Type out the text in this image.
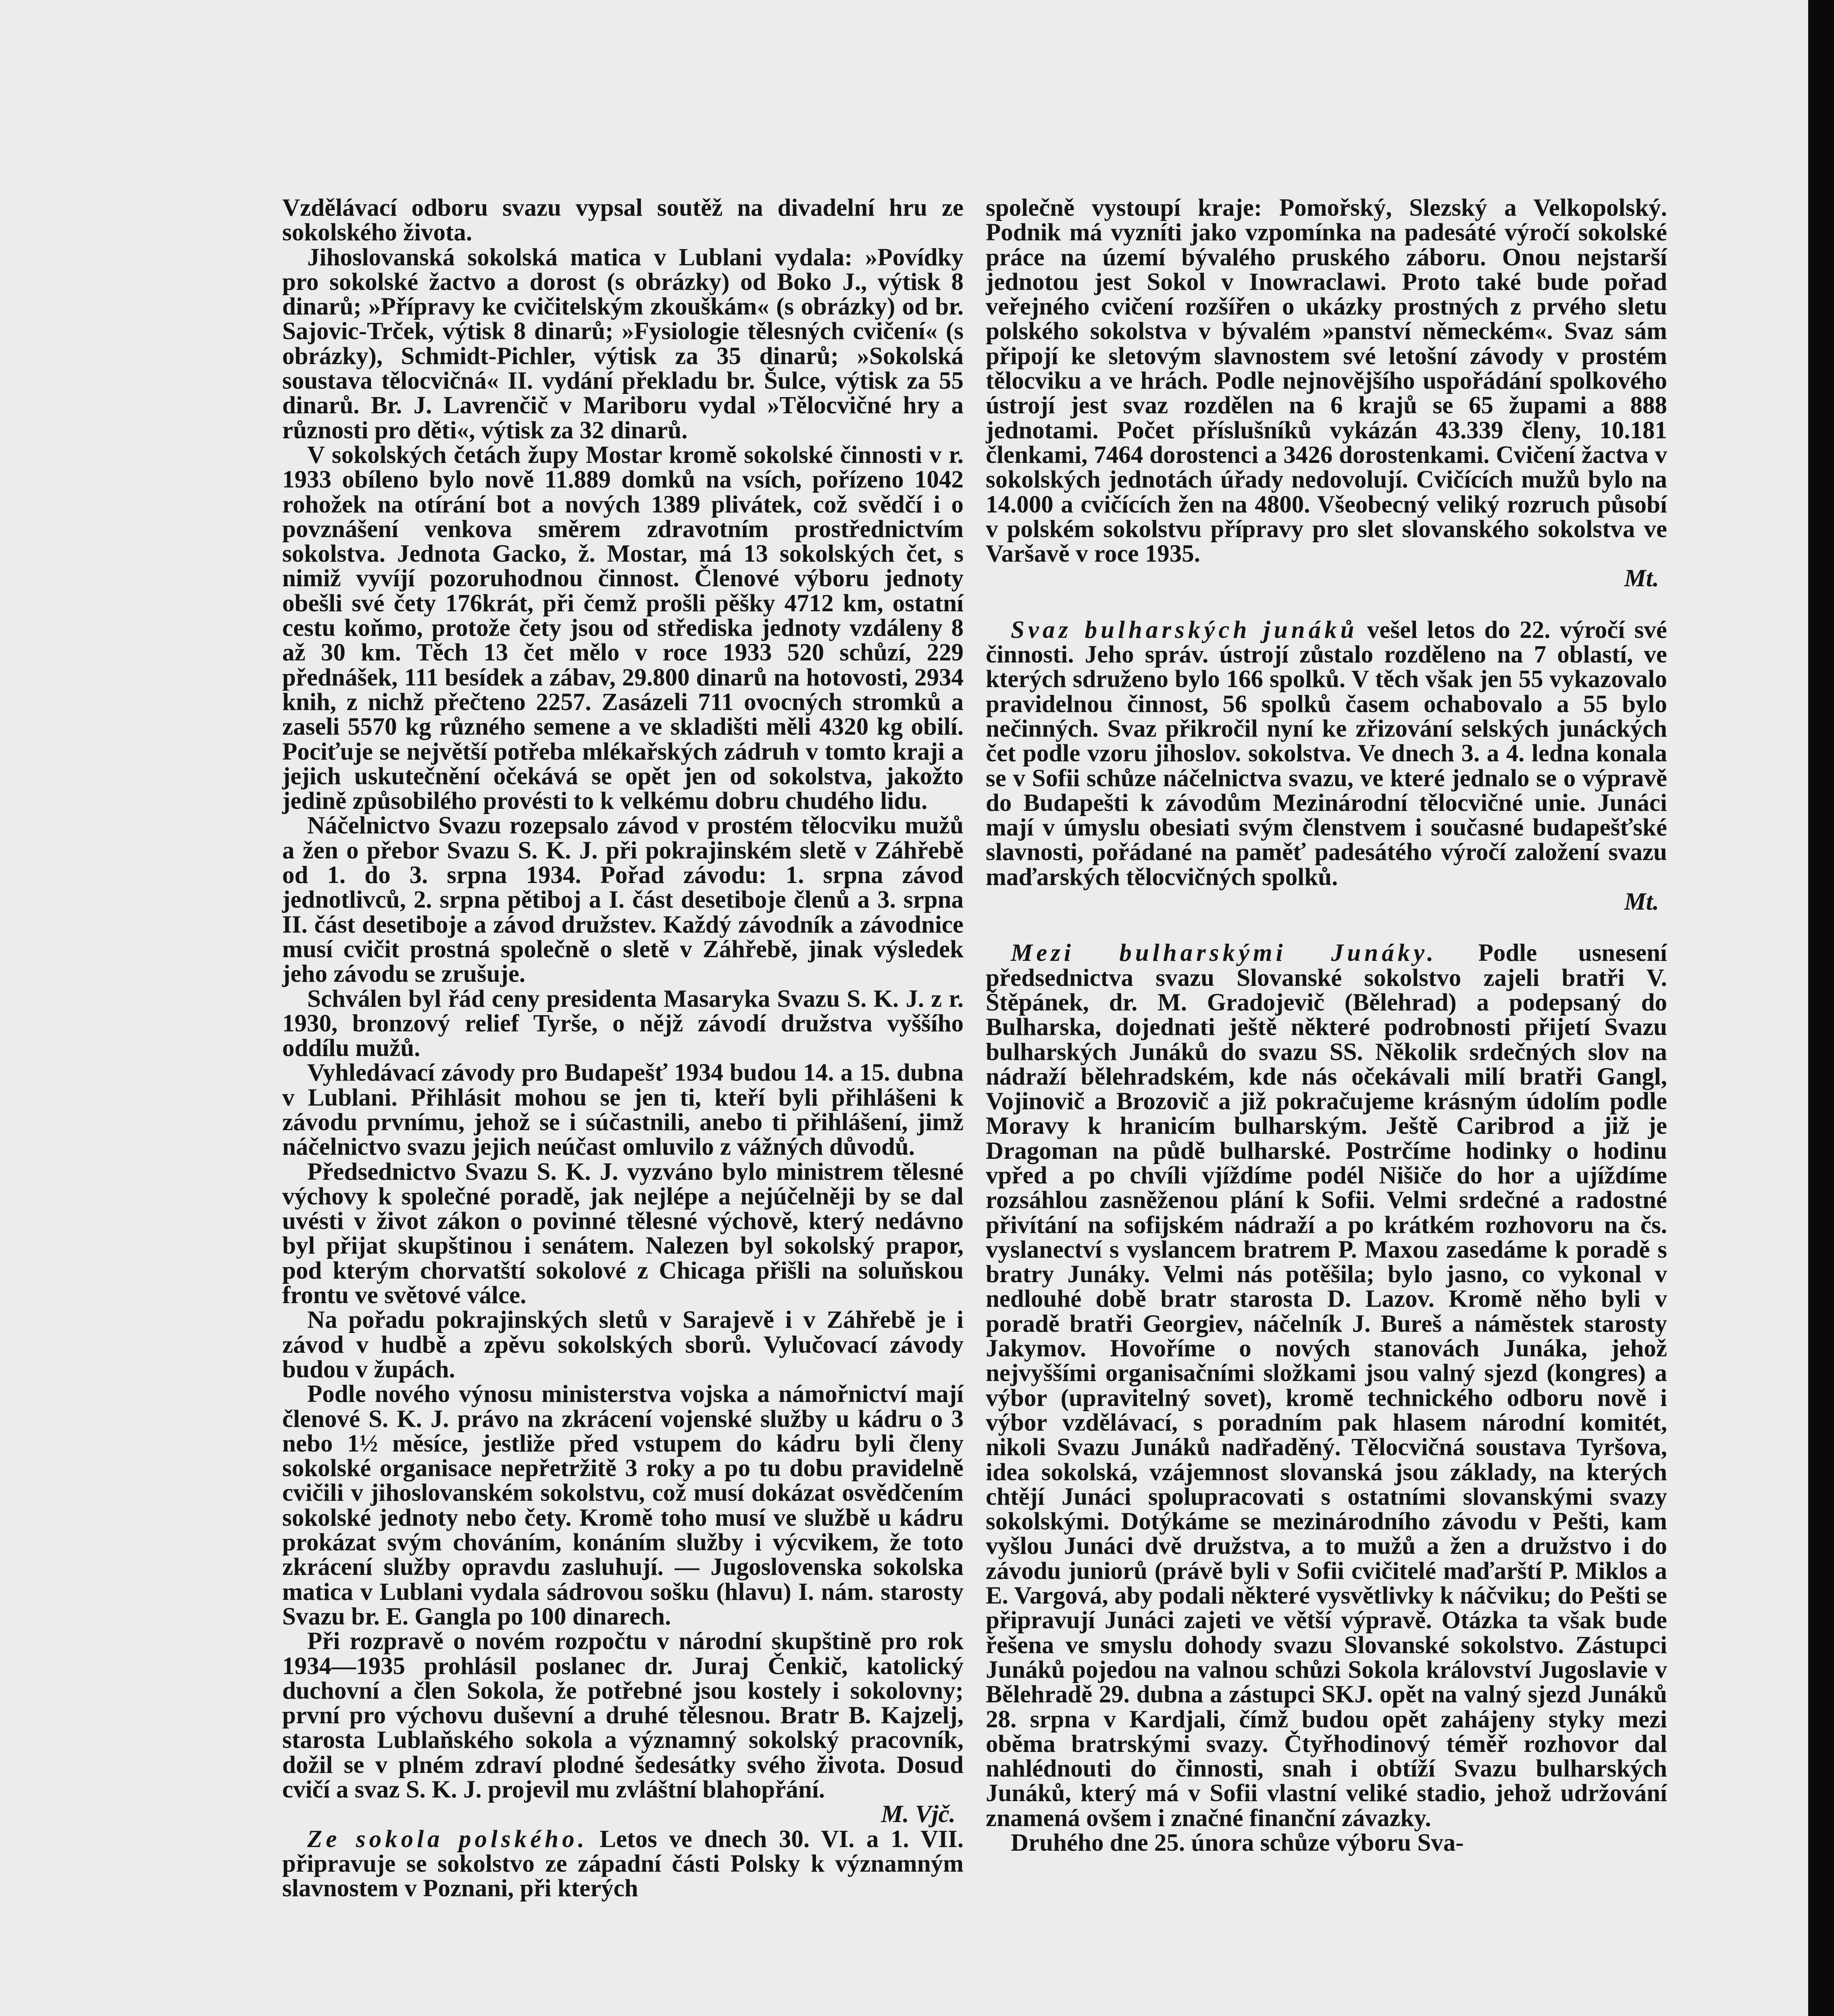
Vzdělávací odboru svazu vypsal soutěž na divadelní hru ze sokolského života.

Jihoslovanská sokolská matica v Lublani vydala: »Povídky pro sokolské žactvo a dorost (s obrázky) od Boko J., výtisk 8 dinarů; »Přípravy ke cvičitelským zkouškám« (s obrázky) od br. Sajovic-Trček, výtisk 8 dinarů; »Fysiologie tělesných cvičení« (s obrázky), Schmidt-Pichler, výtisk za 35 dinarů; »Sokolská soustava tělocvičná« II. vydání překladu br. Šulce, výtisk za 55 dinarů. Br. J. Lavrenčič v Mariboru vydal »Tělocvičné hry a různosti pro děti«, výtisk za 32 dinarů.

V sokolských četách župy Mostar kromě sokolské činnosti v r. 1933 obíleno bylo nově 11.889 domků na vsích, pořízeno 1042 rohožek na otírání bot a nových 1389 plivátek, což svědčí i o povznášení venkova směrem zdravotním prostřednictvím sokolstva. Jednota Gacko, ž. Mostar, má 13 sokolských čet, s nimiž vyvíjí pozoruhodnou činnost. Členové výboru jednoty obešli své čety 176krát, při čemž prošli pěšky 4712 km, ostatní cestu koňmo, protože čety jsou od střediska jednoty vzdáleny 8 až 30 km. Těch 13 čet mělo v roce 1933 520 schůzí, 229 přednášek, 111 besídek a zábav, 29.800 dinarů na hotovosti, 2934 knih, z nichž přečteno 2257. Zasázeli 711 ovocných stromků a zaseli 5570 kg různého semene a ve skladišti měli 4320 kg obilí. Pociťuje se největší potřeba mlékařských zádruh v tomto kraji a jejich uskutečnění očekává se opět jen od sokolstva, jakožto jedině způsobilého provésti to k velkému dobru chudého lidu.

Náčelnictvo Svazu rozepsalo závod v prostém tělocviku mužů a žen o přebor Svazu S. K. J. při pokrajinském sletě v Záhřebě od 1. do 3. srpna 1934. Pořad závodu: 1. srpna závod jednotlivců, 2. srpna pětiboj a I. část desetiboje členů a 3. srpna II. část desetiboje a závod družstev. Každý závodník a závodnice musí cvičit prostná společně o sletě v Záhřebě, jinak výsledek jeho závodu se zrušuje.

Schválen byl řád ceny presidenta Masaryka Svazu S. K. J. z r. 1930, bronzový relief Tyrše, o nějž závodí družstva vyššího oddílu mužů.

Vyhledávací závody pro Budapešť 1934 budou 14. a 15. dubna v Lublani. Přihlásit mohou se jen ti, kteří byli přihlášeni k závodu prvnímu, jehož se i súčastnili, anebo ti přihlášení, jimž náčelnictvo svazu jejich neúčast omluvilo z vážných důvodů.

Předsednictvo Svazu S. K. J. vyzváno bylo ministrem tělesné výchovy k společné poradě, jak nejlépe a nejúčelněji by se dal uvésti v život zákon o povinné tělesné výchově, který nedávno byl přijat skupštinou i senátem. Nalezen byl sokolský prapor, pod kterým chorvatští sokolové z Chicaga přišli na soluňskou frontu ve světové válce.

Na pořadu pokrajinských sletů v Sarajevě i v Záhřebě je i závod v hudbě a zpěvu sokolských sborů. Vylučovací závody budou v župách.

Podle nového výnosu ministerstva vojska a námořnictví mají členové S. K. J. právo na zkrácení vojenské služby u kádru o 3 nebo 1½ měsíce, jestliže před vstupem do kádru byli členy sokolské organisace nepřetržitě 3 roky a po tu dobu pravidelně cvičili v jihoslovanském sokolstvu, což musí dokázat osvědčením sokolské jednoty nebo čety. Kromě toho musí ve službě u kádru prokázat svým chováním, konáním služby i výcvikem, že toto zkrácení služby opravdu zasluhují. — Jugoslovenska sokolska matica v Lublani vydala sádrovou sošku (hlavu) I. nám. starosty Svazu br. E. Gangla po 100 dinarech.

Při rozpravě o novém rozpočtu v národní skupštině pro rok 1934—1935 prohlásil poslanec dr. Juraj Čenkič, katolický duchovní a člen Sokola, že potřebné jsou kostely i sokolovny; první pro výchovu duševní a druhé tělesnou. Bratr B. Kajzelj, starosta Lublaňského sokola a významný sokolský pracovník, dožil se v plném zdraví plodné šedesátky svého života. Dosud cvičí a svaz S. K. J. projevil mu zvláštní blahopřání.
M. Vjč.

Ze sokola polského. Letos ve dnech 30. VI. a 1. VII. připravuje se sokolstvo ze západní části Polsky k významným slavnostem v Poznani, při kterých

společně vystoupí kraje: Pomořský, Slezský a Velkopolský. Podnik má vyzníti jako vzpomínka na padesáté výročí sokolské práce na území bývalého pruského záboru. Onou nejstarší jednotou jest Sokol v Inowraclawi. Proto také bude pořad veřejného cvičení rozšířen o ukázky prostných z prvého sletu polského sokolstva v bývalém »panství německém«. Svaz sám připojí ke sletovým slavnostem své letošní závody v prostém tělocviku a ve hrách. Podle nejnovějšího uspořádání spolkového ústrojí jest svaz rozdělen na 6 krajů se 65 župami a 888 jednotami. Počet příslušníků vykázán 43.339 členy, 10.181 členkami, 7464 dorostenci a 3426 dorostenkami. Cvičení žactva v sokolských jednotách úřady nedovolují. Cvičících mužů bylo na 14.000 a cvičících žen na 4800. Všeobecný veliký rozruch působí v polském sokolstvu přípravy pro slet slovanského sokolstva ve Varšavě v roce 1935.
Mt.

Svaz bulharských junáků vešel letos do 22. výročí své činnosti. Jeho správ. ústrojí zůstalo rozděleno na 7 oblastí, ve kterých sdruženo bylo 166 spolků. V těch však jen 55 vykazovalo pravidelnou činnost, 56 spolků časem ochabovalo a 55 bylo nečinných. Svaz přikročil nyní ke zřizování selských junáckých čet podle vzoru jihoslov. sokolstva. Ve dnech 3. a 4. ledna konala se v Sofii schůze náčelnictva svazu, ve které jednalo se o výpravě do Budapešti k závodům Mezinárodní tělocvičné unie. Junáci mají v úmyslu obesiati svým členstvem i současné budapešťské slavnosti, pořádané na paměť padesátého výročí založení svazu maďarských tělocvičných spolků.
Mt.

Mezi bulharskými Junáky. Podle usnesení předsednictva svazu Slovanské sokolstvo zajeli bratři V. Štěpánek, dr. M. Gradojevič (Bělehrad) a podepsaný do Bulharska, dojednati ještě některé podrobnosti přijetí Svazu bulharských Junáků do svazu SS. Několik srdečných slov na nádraží bělehradském, kde nás očekávali milí bratři Gangl, Vojinovič a Brozovič a již pokračujeme krásným údolím podle Moravy k hranicím bulharským. Ještě Caribrod a již je Dragoman na půdě bulharské. Postrčíme hodinky o hodinu vpřed a po chvíli vjíždíme podél Nišiče do hor a ujíždíme rozsáhlou zasněženou plání k Sofii. Velmi srdečné a radostné přivítání na sofijském nádraží a po krátkém rozhovoru na čs. vyslanectví s vyslancem bratrem P. Maxou zasedáme k poradě s bratry Junáky. Velmi nás potěšila; bylo jasno, co vykonal v nedlouhé době bratr starosta D. Lazov. Kromě něho byli v poradě bratři Georgiev, náčelník J. Bureš a náměstek starosty Jakymov. Hovoříme o nových stanovách Junáka, jehož nejvyššími organisačními složkami jsou valný sjezd (kongres) a výbor (upravitelný sovet), kromě technického odboru nově i výbor vzdělávací, s poradním pak hlasem národní komitét, nikoli Svazu Junáků nadřaděný. Tělocvičná soustava Tyršova, idea sokolská, vzájemnost slovanská jsou základy, na kterých chtějí Junáci spolupracovati s ostatními slovanskými svazy sokolskými. Dotýkáme se mezinárodního závodu v Pešti, kam vyšlou Junáci dvě družstva, a to mužů a žen a družstvo i do závodu juniorů (právě byli v Sofii cvičitelé maďarští P. Miklos a E. Vargová, aby podali některé vysvětlivky k náčviku; do Pešti se připravují Junáci zajeti ve větší výpravě. Otázka ta však bude řešena ve smyslu dohody svazu Slovanské sokolstvo. Zástupci Junáků pojedou na valnou schůzi Sokola království Jugoslavie v Bělehradě 29. dubna a zástupci SKJ. opět na valný sjezd Junáků 28. srpna v Kardjali, čímž budou opět zahájeny styky mezi oběma bratrskými svazy. Čtyřhodinový téměř rozhovor dal nahlédnouti do činnosti, snah i obtíží Svazu bulharských Junáků, který má v Sofii vlastní veliké stadio, jehož udržování znamená ovšem i značné finanční závazky.

Druhého dne 25. února schůze výboru Sva-
